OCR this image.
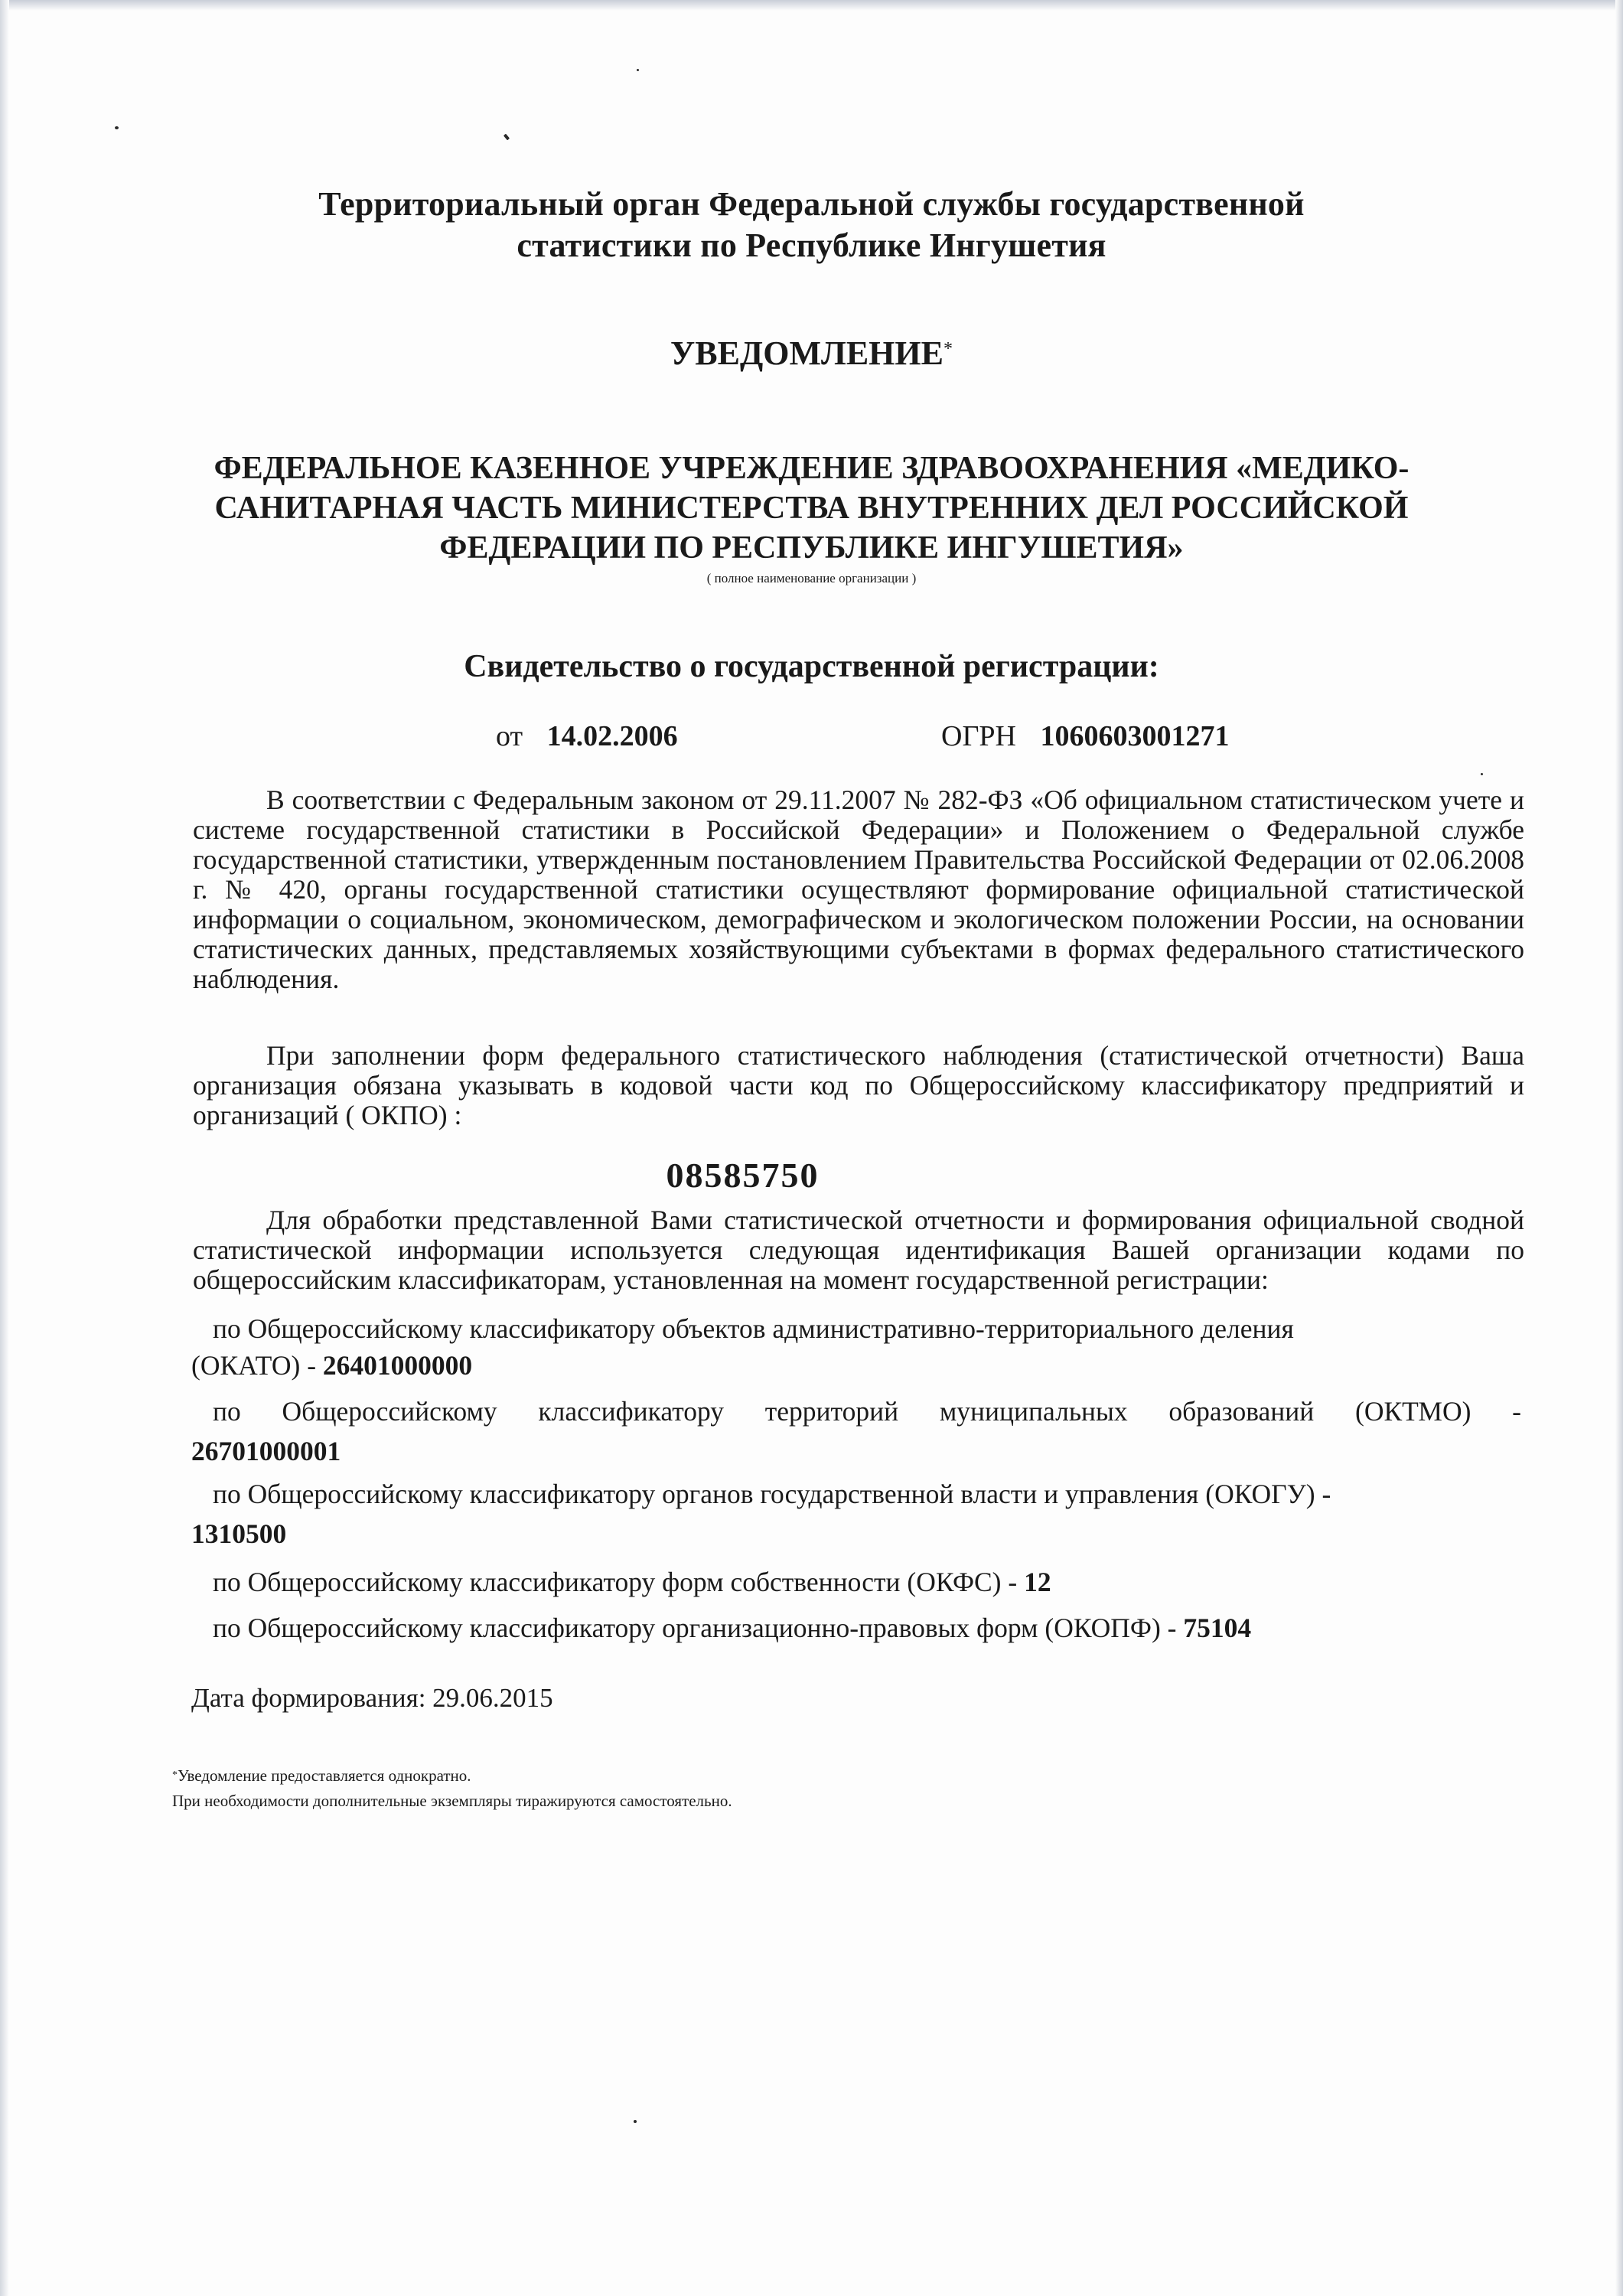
Территориальный орган Федеральной службы государственной
статистики по Республике Ингушетия
УВЕДОМЛЕНИЕ*
ФЕДЕРАЛЬНОЕ КАЗЕННОЕ УЧРЕЖДЕНИЕ ЗДРАВООХРАНЕНИЯ «МЕДИКО-
САНИТАРНАЯ ЧАСТЬ МИНИСТЕРСТВА ВНУТРЕННИХ ДЕЛ РОССИЙСКОЙ
ФЕДЕРАЦИИ ПО РЕСПУБЛИКЕ ИНГУШЕТИЯ»
( полное наименование организации )
Свидетельство о государственной регистрации:
от 14.02.2006	ОГРН 1060603001271
В соответствии с Федеральным законом от 29.11.2007 № 282-ФЗ «Об официальном статистическом учете и системе государственной статистики в Российской Федерации» и Положением о Федеральной службе государственной статистики, утвержденным постановлением Правительства Российской Федерации от 02.06.2008 г. № 420, органы государственной статистики осуществляют формирование официальной статистической информации о социальном, экономическом, демографическом и экологическом положении России, на основании статистических данных, представляемых хозяйствующими субъектами в формах федерального статистического наблюдения.
При заполнении форм федерального статистического наблюдения (статистической отчетности) Ваша организация обязана указывать в кодовой части код по Общероссийскому классификатору предприятий и организаций ( ОКПО) :
08585750
Для обработки представленной Вами статистической отчетности и формирования официальной сводной статистической информации используется следующая идентификация Вашей организации кодами по общероссийским классификаторам, установленная на момент государственной регистрации:
по Общероссийскому классификатору объектов административно-территориального деления
(ОКАТО) - 26401000000
по Общероссийскому классификатору территорий муниципальных образований (ОКТМО) -
26701000001
по Общероссийскому классификатору органов государственной власти и управления (ОКОГУ) -
1310500
по Общероссийскому классификатору форм собственности (ОКФС) - 12
по Общероссийскому классификатору организационно-правовых форм (ОКОПФ) - 75104
Дата формирования: 29.06.2015
*Уведомление предоставляется однократно.
При необходимости дополнительные экземпляры тиражируются самостоятельно.
